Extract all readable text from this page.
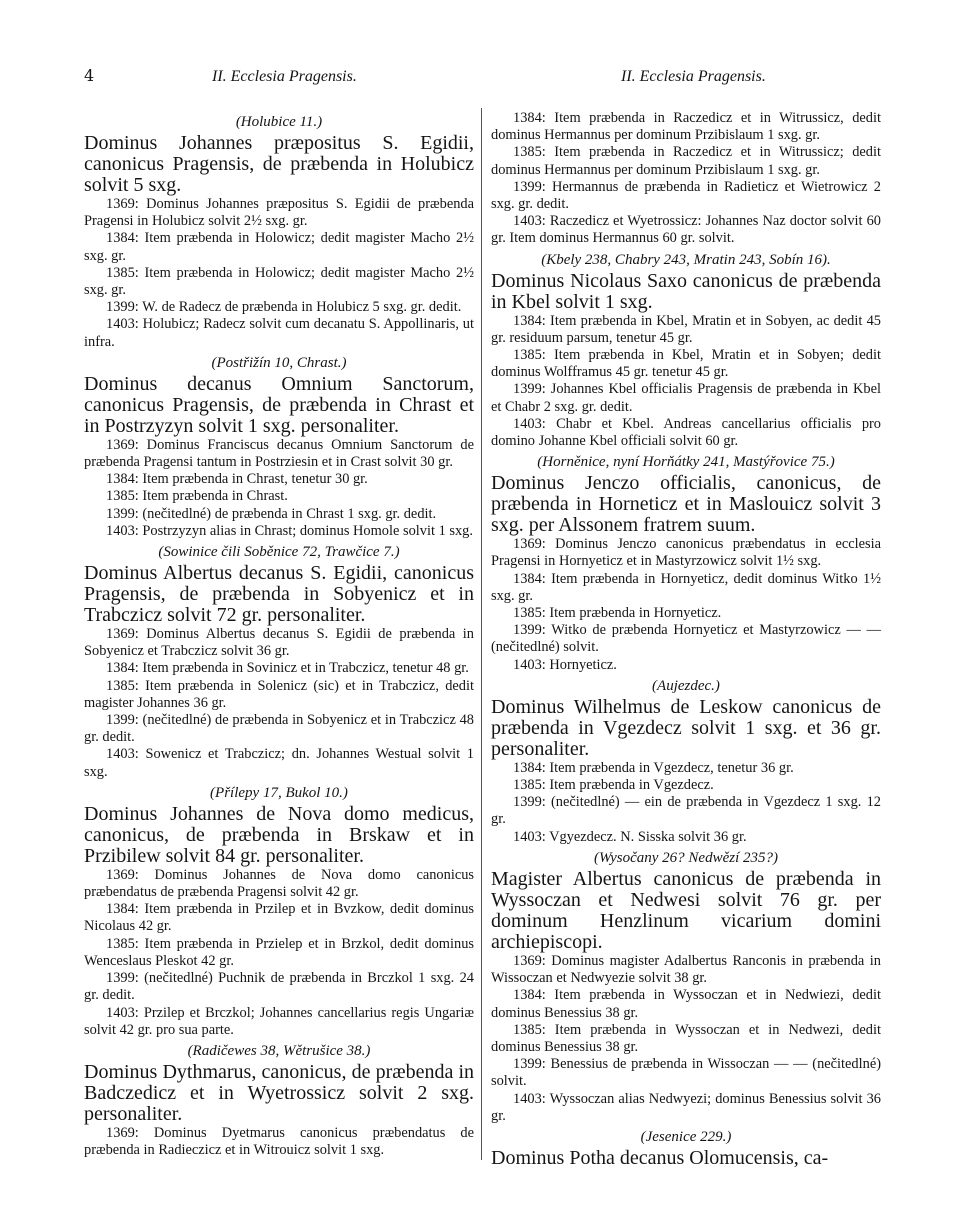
4	II. Ecclesia Pragensis.	II. Ecclesia Pragensis.

(Holubice 11.)

Dominus Johannes præpositus S. Egidii, canonicus Pragensis, de præbenda in Holubicz solvit 5 sxg.

1369: Dominus Johannes præpositus S. Egidii de præbenda Pragensi in Holubicz solvit 2½ sxg. gr.

1384: Item præbenda in Holowicz; dedit magister Macho 2½ sxg. gr.

1385: Item præbenda in Holowicz; dedit magister Macho 2½ sxg. gr.

1399: W. de Radecz de præbenda in Holubicz 5 sxg. gr. dedit.

1403: Holubicz; Radecz solvit cum decanatu S. Appollinaris, ut infra.

(Postřižín 10, Chrast.)

Dominus decanus Omnium Sanctorum, canonicus Pragensis, de præbenda in Chrast et in Postrzyzyn solvit 1 sxg. personaliter.

1369: Dominus Franciscus decanus Omnium Sanctorum de præbenda Pragensi tantum in Postrziesin et in Crast solvit 30 gr.

1384: Item præbenda in Chrast, tenetur 30 gr.

1385: Item præbenda in Chrast.

1399: (nečitedlné) de præbenda in Chrast 1 sxg. gr. dedit.

1403: Postrzyzyn alias in Chrast; dominus Homole solvit 1 sxg.

(Sowinice čili Soběnice 72, Trawčice 7.)

Dominus Albertus decanus S. Egidii, canonicus Pragensis, de præbenda in Sobyenicz et in Trabczicz solvit 72 gr. personaliter.

1369: Dominus Albertus decanus S. Egidii de præbenda in Sobyenicz et Trabczicz solvit 36 gr.

1384: Item præbenda in Sovinicz et in Trabczicz, tenetur 48 gr.

1385: Item præbenda in Solenicz (sic) et in Trabczicz, dedit magister Johannes 36 gr.

1399: (nečitedlné) de præbenda in Sobyenicz et in Trabczicz 48 gr. dedit.

1403: Sowenicz et Trabczicz; dn. Johannes Westual solvit 1 sxg.

(Přílepy 17, Bukol 10.)

Dominus Johannes de Nova domo medicus, canonicus, de præbenda in Brskaw et in Przibilew solvit 84 gr. personaliter.

1369: Dominus Johannes de Nova domo canonicus præbendatus de præbenda Pragensi solvit 42 gr.

1384: Item præbenda in Przilep et in Bvzkow, dedit dominus Nicolaus 42 gr.

1385: Item præbenda in Przielep et in Brzkol, dedit dominus Wenceslaus Pleskot 42 gr.

1399: (nečitedlné) Puchnik de præbenda in Brczkol 1 sxg. 24 gr. dedit.

1403: Przilep et Brczkol; Johannes cancellarius regis Ungariæ solvit 42 gr. pro sua parte.

(Radičewes 38, Wětrušice 38.)

Dominus Dythmarus, canonicus, de præbenda in Badczedicz et in Wyetrossicz solvit 2 sxg. personaliter.

1369: Dominus Dyetmarus canonicus præbendatus de præbenda in Radieczicz et in Witrouicz solvit 1 sxg.

1384: Item præbenda in Raczedicz et in Witrussicz, dedit dominus Hermannus per dominum Przibislaum 1 sxg. gr.

1385: Item præbenda in Raczedicz et in Witrussicz; dedit dominus Hermannus per dominum Przibislaum 1 sxg. gr.

1399: Hermannus de præbenda in Radieticz et Wietrowicz 2 sxg. gr. dedit.

1403: Raczedicz et Wyetrossicz: Johannes Naz doctor solvit 60 gr. Item dominus Hermannus 60 gr. solvit.

(Kbely 238, Chabry 243, Mratin 243, Sobín 16).

Dominus Nicolaus Saxo canonicus de præbenda in Kbel solvit 1 sxg.

1384: Item præbenda in Kbel, Mratin et in Sobyen, ac dedit 45 gr. residuum parsum, tenetur 45 gr.

1385: Item præbenda in Kbel, Mratin et in Sobyen; dedit dominus Wolfframus 45 gr. tenetur 45 gr.

1399: Johannes Kbel officialis Pragensis de præbenda in Kbel et Chabr 2 sxg. gr. dedit.

1403: Chabr et Kbel. Andreas cancellarius officialis pro domino Johanne Kbel officiali solvit 60 gr.

(Horněnice, nyní Horňátky 241, Mastýřovice 75.)

Dominus Jenczo officialis, canonicus, de præbenda in Horneticz et in Maslouicz solvit 3 sxg. per Alssonem fratrem suum.

1369: Dominus Jenczo canonicus præbendatus in ecclesia Pragensi in Hornyeticz et in Mastyrzowicz solvit 1½ sxg.

1384: Item præbenda in Hornyeticz, dedit dominus Witko 1½ sxg. gr.

1385: Item præbenda in Hornyeticz.

1399: Witko de præbenda Hornyeticz et Mastyrzowicz — — (nečitedlné) solvit.

1403: Hornyeticz.

(Aujezdec.)

Dominus Wilhelmus de Leskow canonicus de præbenda in Vgezdecz solvit 1 sxg. et 36 gr. personaliter.

1384: Item præbenda in Vgezdecz, tenetur 36 gr.

1385: Item præbenda in Vgezdecz.

1399: (nečitedlné) — ein de præbenda in Vgezdecz 1 sxg. 12 gr.

1403: Vgyezdecz. N. Sisska solvit 36 gr.

(Wysočany 26? Nedwězí 235?)

Magister Albertus canonicus de præbenda in Wyssoczan et Nedwesi solvit 76 gr. per dominum Henzlinum vicarium domini archiepiscopi.

1369: Dominus magister Adalbertus Ranconis in præbenda in Wissoczan et Nedwyezie solvit 38 gr.

1384: Item præbenda in Wyssoczan et in Nedwiezi, dedit dominus Benessius 38 gr.

1385: Item præbenda in Wyssoczan et in Nedwezi, dedit dominus Benessius 38 gr.

1399: Benessius de præbenda in Wissoczan — — (nečitedlné) solvit.

1403: Wyssoczan alias Nedwyezi; dominus Benessius solvit 36 gr.

(Jesenice 229.)

Dominus Potha decanus Olomucensis, ca-
